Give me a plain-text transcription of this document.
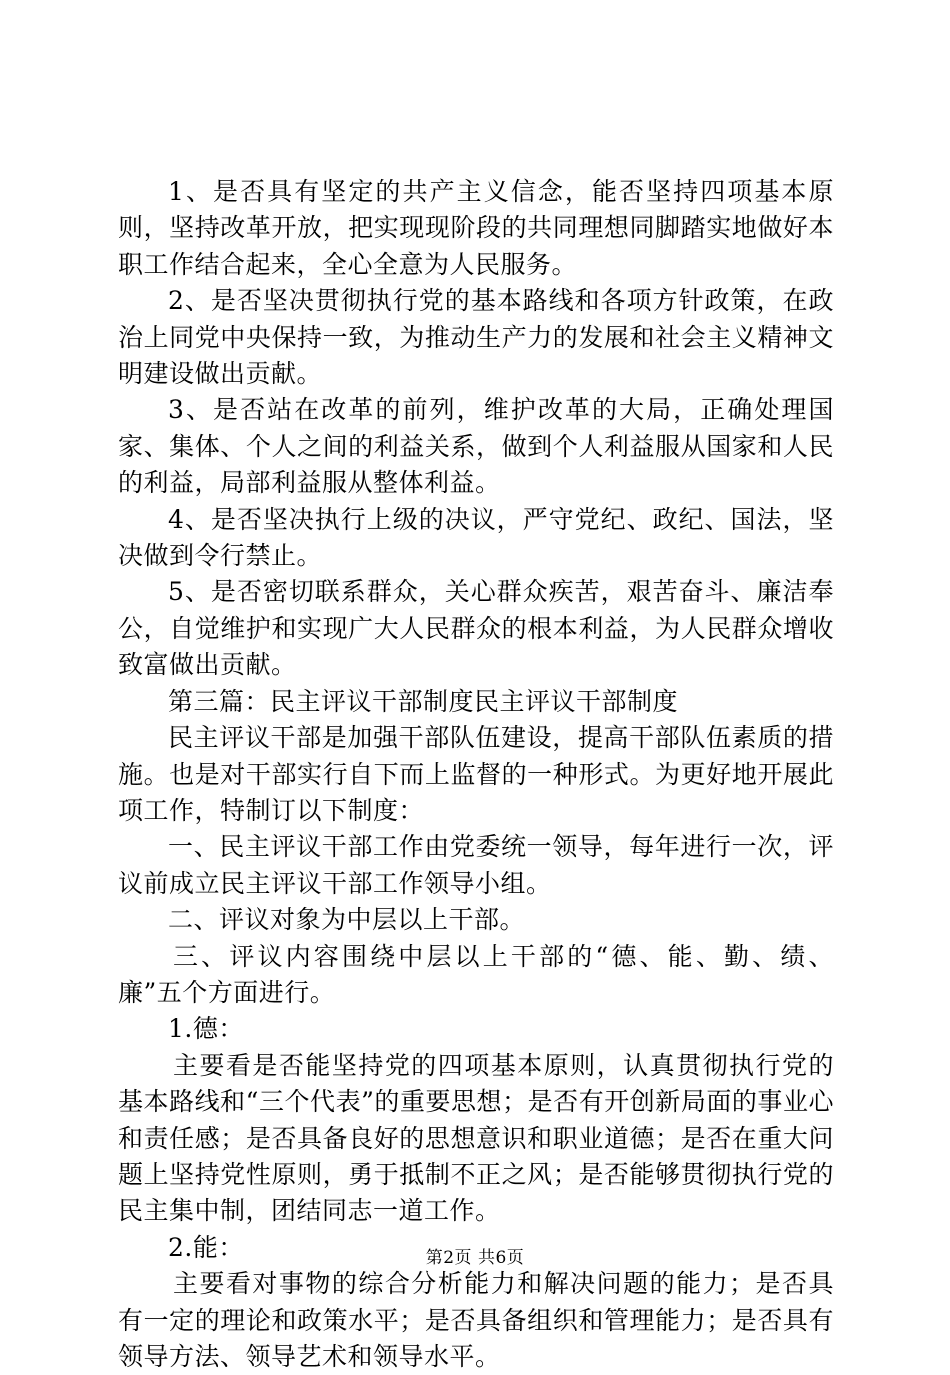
1、是否具有坚定的共产主义信念，能否坚持四项基本原则，坚持改革开放，把实现现阶段的共同理想同脚踏实地做好本职工作结合起来，全心全意为人民服务。

2、是否坚决贯彻执行党的基本路线和各项方针政策，在政治上同党中央保持一致，为推动生产力的发展和社会主义精神文明建设做出贡献。

3、是否站在改革的前列，维护改革的大局，正确处理国家、集体、个人之间的利益关系，做到个人利益服从国家和人民的利益，局部利益服从整体利益。

4、是否坚决执行上级的决议，严守党纪、政纪、国法，坚决做到令行禁止。

5、是否密切联系群众，关心群众疾苦，艰苦奋斗、廉洁奉公，自觉维护和实现广大人民群众的根本利益，为人民群众增收致富做出贡献。

第三篇：民主评议干部制度民主评议干部制度

民主评议干部是加强干部队伍建设，提高干部队伍素质的措施。也是对干部实行自下而上监督的一种形式。为更好地开展此项工作，特制订以下制度：

一、民主评议干部工作由党委统一领导，每年进行一次，评议前成立民主评议干部工作领导小组。

二、评议对象为中层以上干部。

三、评议内容围绕中层以上干部的“德、能、勤、绩、廉”五个方面进行。

1.德：

主要看是否能坚持党的四项基本原则，认真贯彻执行党的基本路线和“三个代表”的重要思想；是否有开创新局面的事业心和责任感；是否具备良好的思想意识和职业道德；是否在重大问题上坚持党性原则，勇于抵制不正之风；是否能够贯彻执行党的民主集中制，团结同志一道工作。

2.能：

主要看对事物的综合分析能力和解决问题的能力；是否具有一定的理论和政策水平；是否具备组织和管理能力；是否具有领导方法、领导艺术和领导水平。

第2页 共6页
